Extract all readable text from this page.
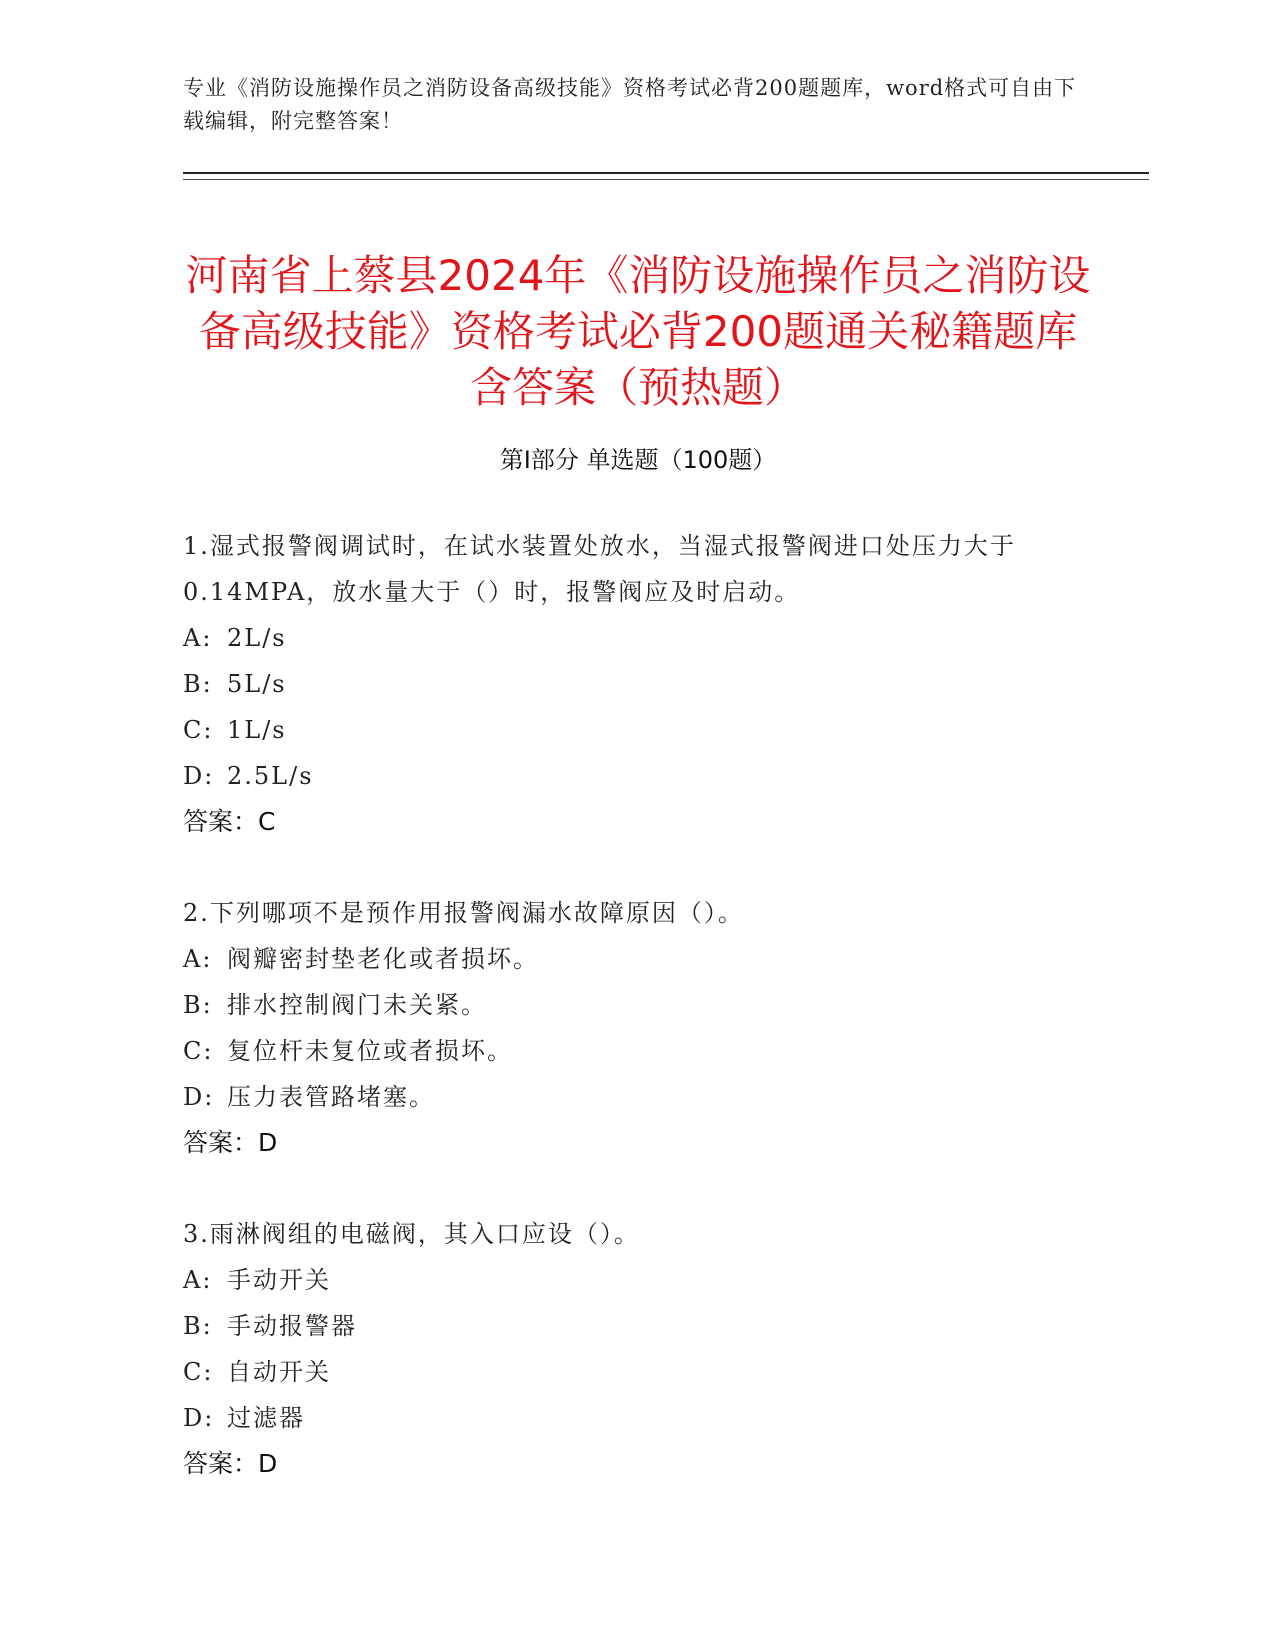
专业《消防设施操作员之消防设备高级技能》资格考试必背200题题库，word格式可自由下载编辑，附完整答案！
河南省上蔡县2024年《消防设施操作员之消防设备高级技能》资格考试必背200题通关秘籍题库含答案（预热题）
第Ⅰ部分 单选题（100题）
1.湿式报警阀调试时，在试水装置处放水，当湿式报警阀进口处压力大于0.14MPA，放水量大于（）时，报警阀应及时启动。
A: 2L/s
B: 5L/s
C: 1L/s
D: 2.5L/s
答案：C
2.下列哪项不是预作用报警阀漏水故障原因（）。
A: 阀瓣密封垫老化或者损坏。
B: 排水控制阀门未关紧。
C: 复位杆未复位或者损坏。
D: 压力表管路堵塞。
答案：D
3.雨淋阀组的电磁阀，其入口应设（）。
A: 手动开关
B: 手动报警器
C: 自动开关
D: 过滤器
答案：D
